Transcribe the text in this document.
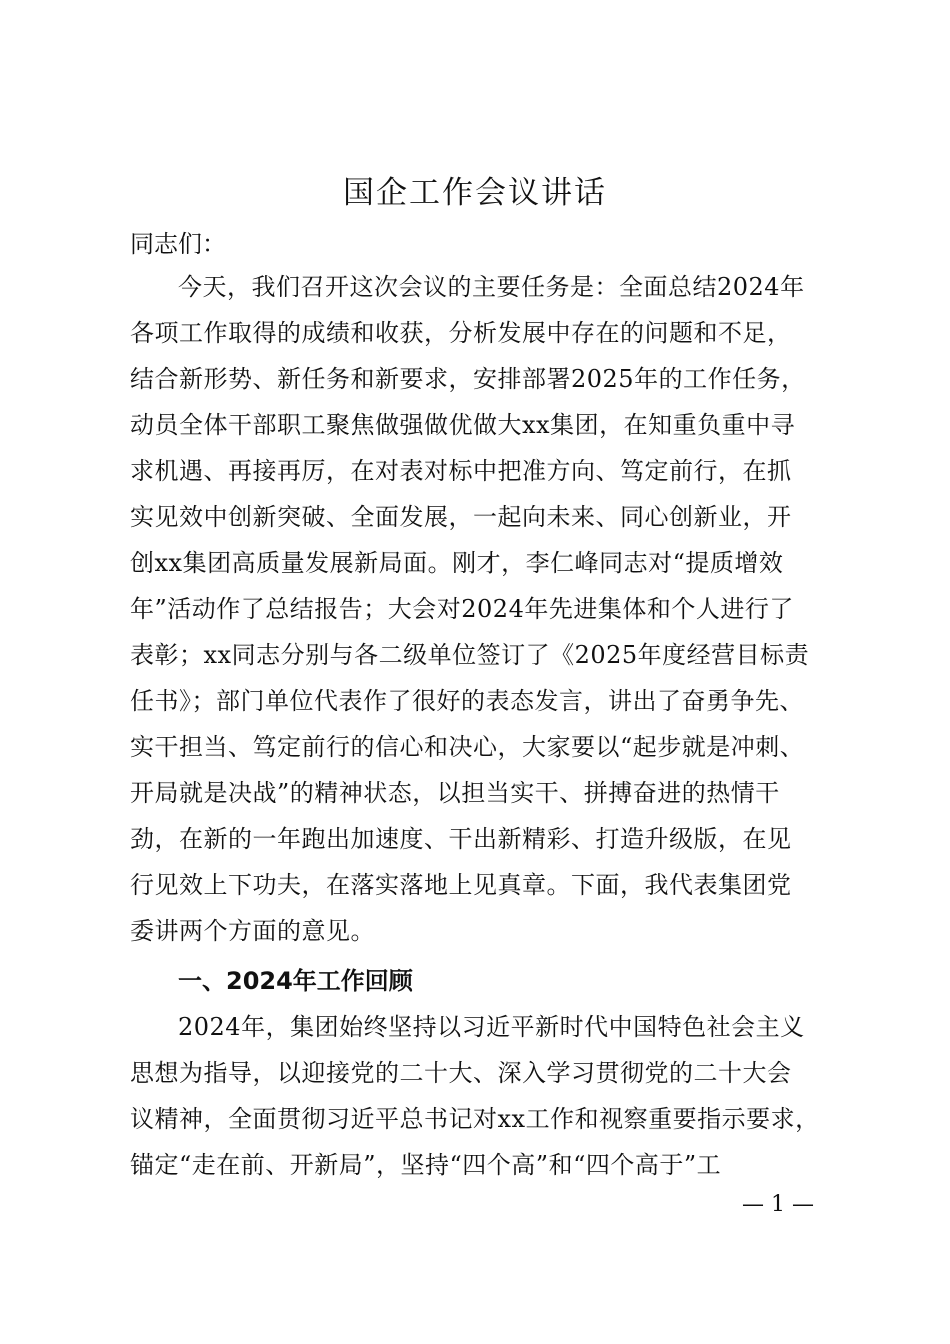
国企工作会议讲话
同志们：
今天，我们召开这次会议的主要任务是：全面总结2024年
各项工作取得的成绩和收获，分析发展中存在的问题和不足，
结合新形势、新任务和新要求，安排部署2025年的工作任务，
动员全体干部职工聚焦做强做优做大xx集团，在知重负重中寻
求机遇、再接再厉，在对表对标中把准方向、笃定前行，在抓
实见效中创新突破、全面发展，一起向未来、同心创新业，开
创xx集团高质量发展新局面。刚才，李仁峰同志对“提质增效
年”活动作了总结报告；大会对2024年先进集体和个人进行了
表彰；xx同志分别与各二级单位签订了《2025年度经营目标责
任书》；部门单位代表作了很好的表态发言，讲出了奋勇争先、
实干担当、笃定前行的信心和决心，大家要以“起步就是冲刺、
开局就是决战”的精神状态，以担当实干、拼搏奋进的热情干
劲，在新的一年跑出加速度、干出新精彩、打造升级版，在见
行见效上下功夫，在落实落地上见真章。下面，我代表集团党
委讲两个方面的意见。
一、2024年工作回顾
2024年，集团始终坚持以习近平新时代中国特色社会主义
思想为指导，以迎接党的二十大、深入学习贯彻党的二十大会
议精神，全面贯彻习近平总书记对xx工作和视察重要指示要求，
锚定“走在前、开新局”，坚持“四个高”和“四个高于”工
— 1 —
